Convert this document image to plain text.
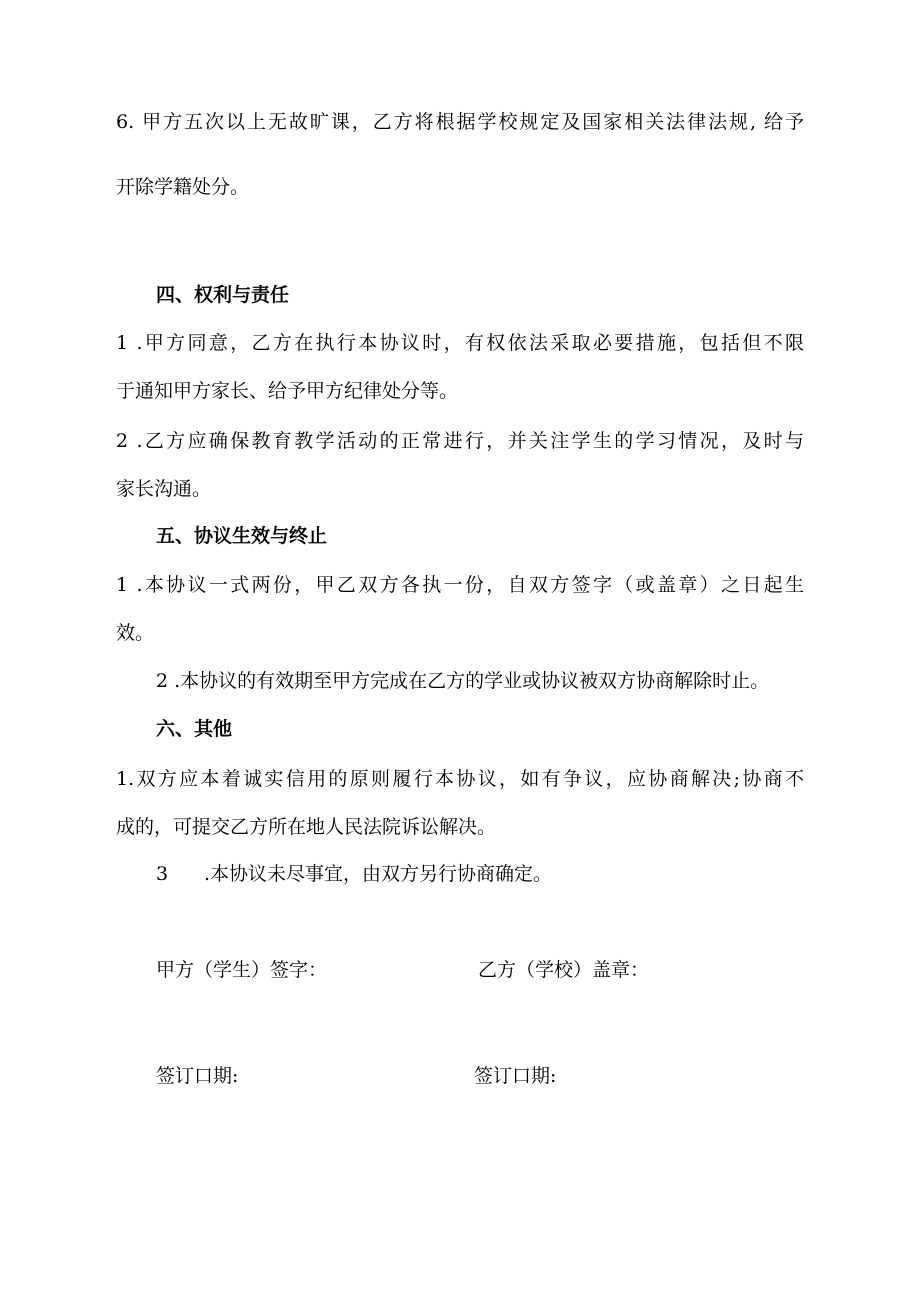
6. 甲方五次以上无故旷课，乙方将根据学校规定及国家相关法律法规, 给予
开除学籍处分。
四、权利与责任
1 .甲方同意，乙方在执行本协议时，有权依法采取必要措施，包括但不限
于通知甲方家长、给予甲方纪律处分等。
2 .乙方应确保教育教学活动的正常进行，并关注学生的学习情况，及时与
家长沟通。
五、协议生效与终止
1 .本协议一式两份，甲乙双方各执一份，自双方签字（或盖章）之日起生
效。
2 .本协议的有效期至甲方完成在乙方的学业或协议被双方协商解除时止。
六、其他
1.双方应本着诚实信用的原则履行本协议，如有争议，应协商解决;协商不
成的，可提交乙方所在地人民法院诉讼解决。
3 .本协议未尽事宜，由双方另行协商确定。
甲方（学生）签字：	乙方（学校）盖章：
签订口期:	签订口期:
